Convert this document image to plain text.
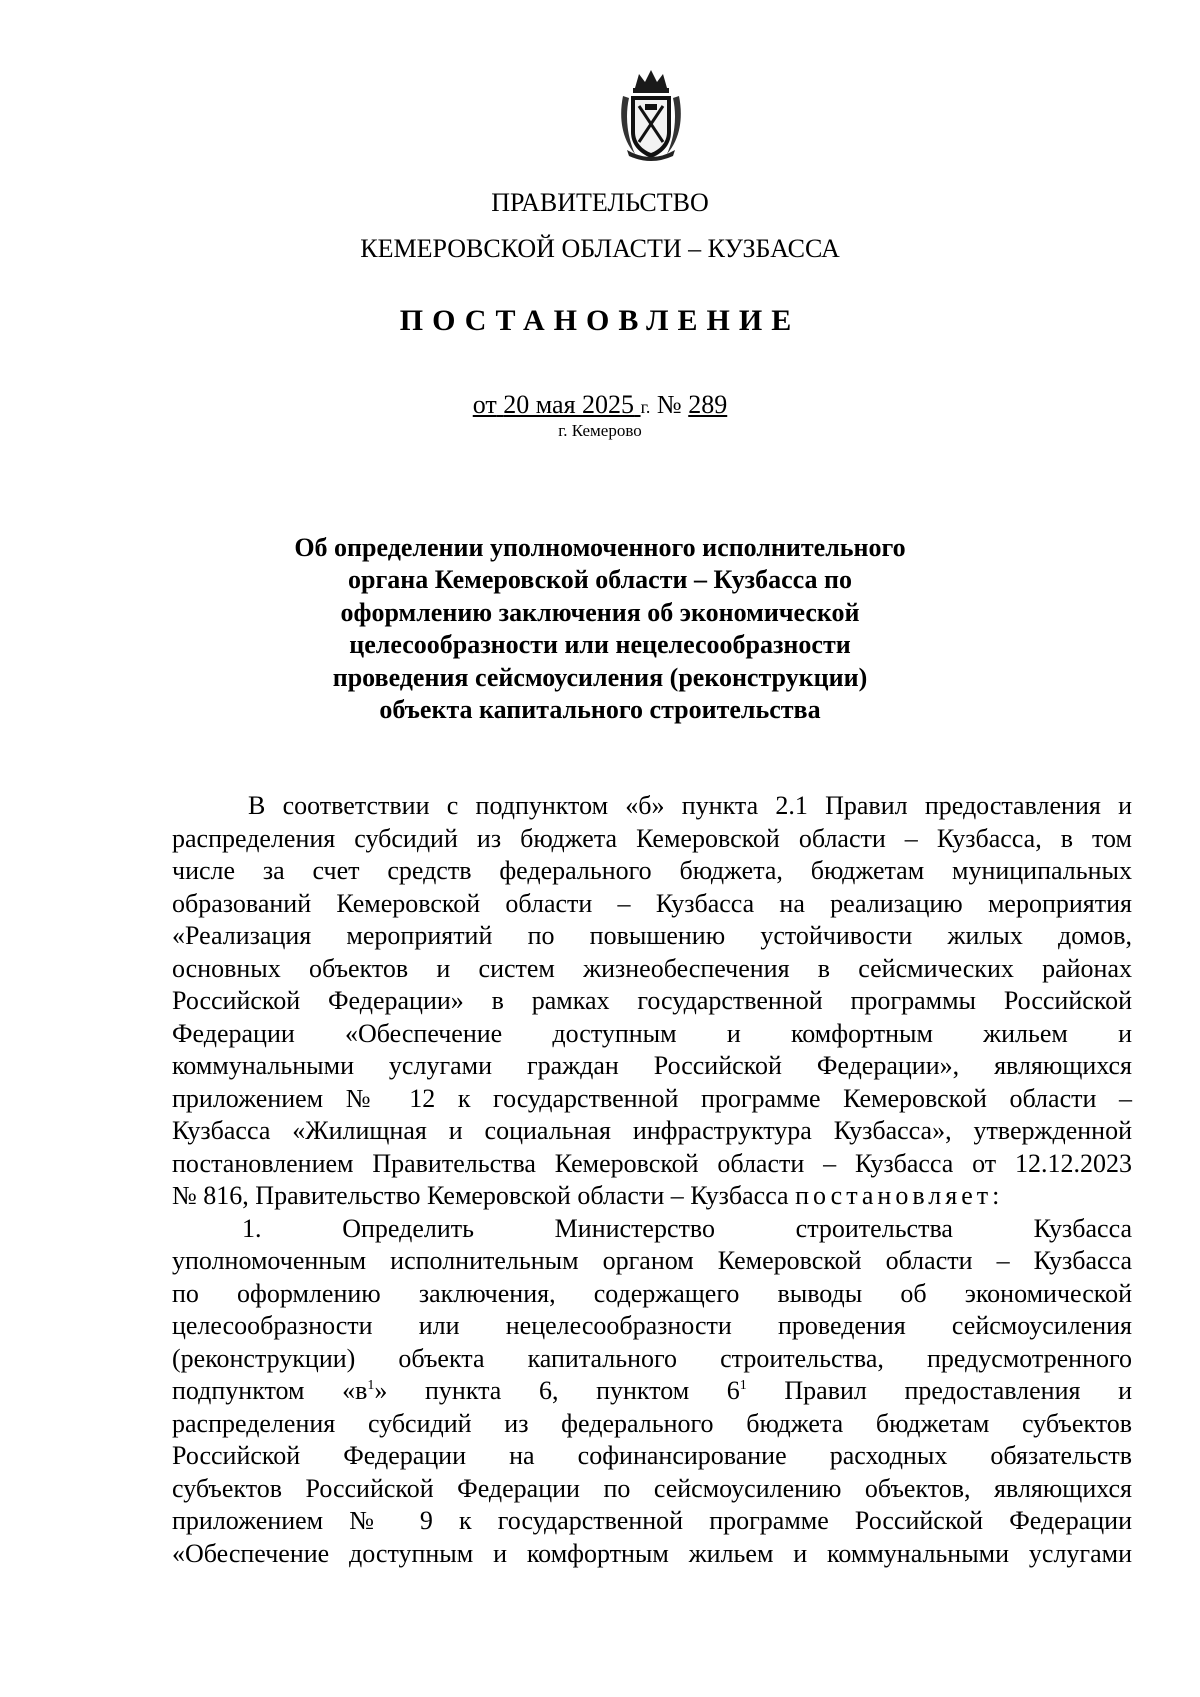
ПРАВИТЕЛЬСТВО
КЕМЕРОВСКОЙ ОБЛАСТИ – КУЗБАССА
ПОСТАНОВЛЕНИЕ
от 20 мая 2025 г. № 289
г. Кемерово
Об определении уполномоченного исполнительного
органа Кемеровской области – Кузбасса по
оформлению заключения об экономической
целесообразности или нецелесообразности
проведения сейсмоусиления (реконструкции)
объекта капитального строительства
В соответствии с подпунктом «б» пункта 2.1 Правил предоставления и
распределения субсидий из бюджета Кемеровской области – Кузбасса, в том
числе за счет средств федерального бюджета, бюджетам муниципальных
образований Кемеровской области – Кузбасса на реализацию мероприятия
«Реализация мероприятий по повышению устойчивости жилых домов,
основных объектов и систем жизнеобеспечения в сейсмических районах
Российской Федерации» в рамках государственной программы Российской
Федерации «Обеспечение доступным и комфортным жильем и
коммунальными услугами граждан Российской Федерации», являющихся
приложением № 12 к государственной программе Кемеровской области –
Кузбасса «Жилищная и социальная инфраструктура Кузбасса», утвержденной
постановлением Правительства Кемеровской области – Кузбасса от 12.12.2023
№ 816, Правительство Кемеровской области – Кузбасса постановляет:
1. Определить Министерство строительства Кузбасса
уполномоченным исполнительным органом Кемеровской области – Кузбасса
по оформлению заключения, содержащего выводы об экономической
целесообразности или нецелесообразности проведения сейсмоусиления
(реконструкции) объекта капитального строительства, предусмотренного
подпунктом «$в^1$» пункта 6, пунктом $6^1$ Правил предоставления и
распределения субсидий из федерального бюджета бюджетам субъектов
Российской Федерации на софинансирование расходных обязательств
субъектов Российской Федерации по сейсмоусилению объектов, являющихся
приложением № 9 к государственной программе Российской Федерации
«Обеспечение доступным и комфортным жильем и коммунальными услугами
